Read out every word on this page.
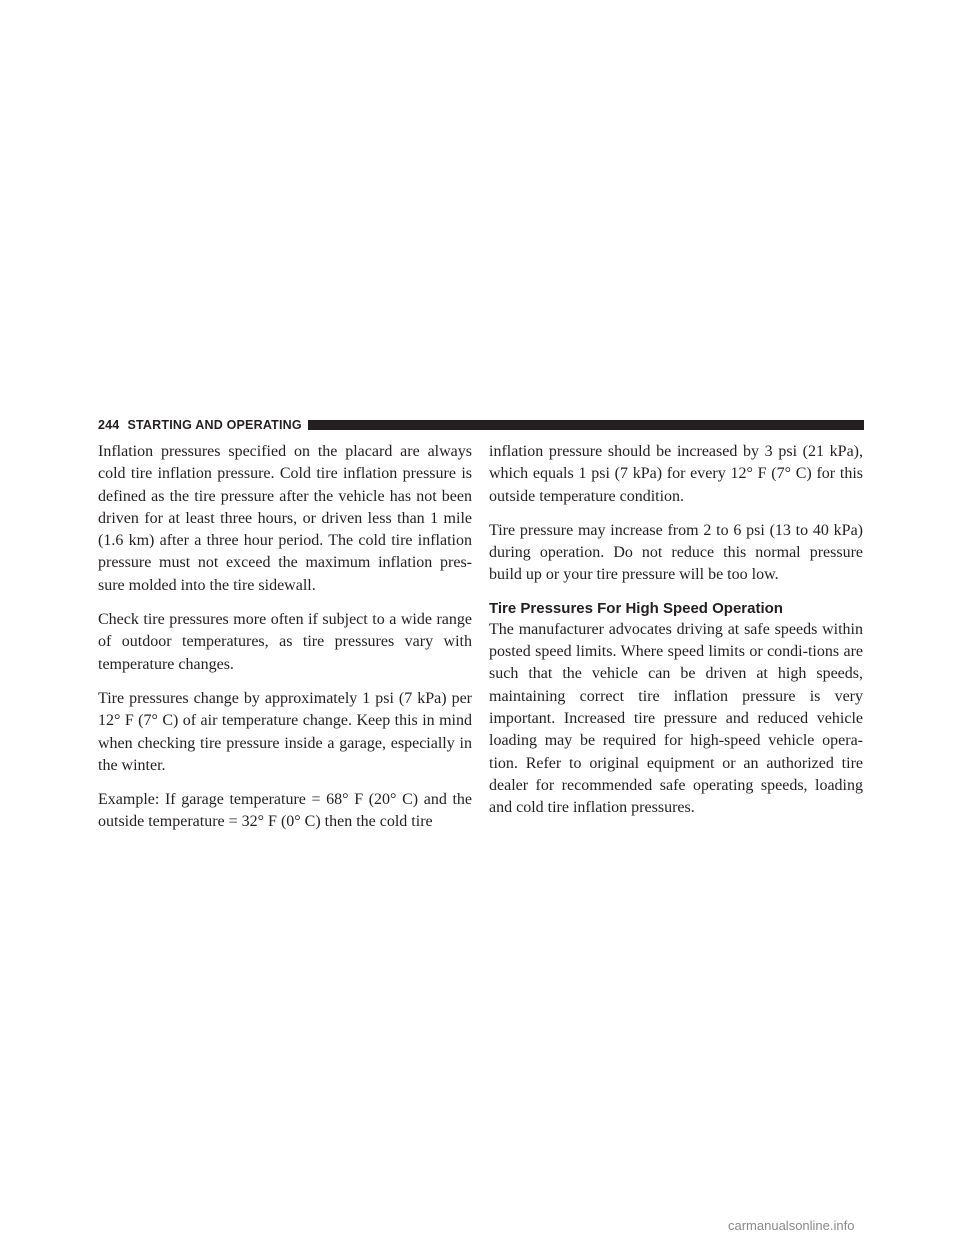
244 STARTING AND OPERATING

Inflation pressures specified on the placard are always cold tire inflation pressure. Cold tire inflation pressure is defined as the tire pressure after the vehicle has not been driven for at least three hours, or driven less than 1 mile (1.6 km) after a three hour period. The cold tire inflation pressure must not exceed the maximum inflation pres-sure molded into the tire sidewall.

Check tire pressures more often if subject to a wide range of outdoor temperatures, as tire pressures vary with temperature changes.

Tire pressures change by approximately 1 psi (7 kPa) per 12° F (7° C) of air temperature change. Keep this in mind when checking tire pressure inside a garage, especially in the winter.

Example: If garage temperature = 68° F (20° C) and the outside temperature = 32° F (0° C) then the cold tire

inflation pressure should be increased by 3 psi (21 kPa), which equals 1 psi (7 kPa) for every 12° F (7° C) for this outside temperature condition.

Tire pressure may increase from 2 to 6 psi (13 to 40 kPa) during operation. Do not reduce this normal pressure build up or your tire pressure will be too low.

Tire Pressures For High Speed Operation

The manufacturer advocates driving at safe speeds within posted speed limits. Where speed limits or condi-tions are such that the vehicle can be driven at high speeds, maintaining correct tire inflation pressure is very important. Increased tire pressure and reduced vehicle loading may be required for high-speed vehicle opera-tion. Refer to original equipment or an authorized tire dealer for recommended safe operating speeds, loading and cold tire inflation pressures.

carmanualsonline.info
